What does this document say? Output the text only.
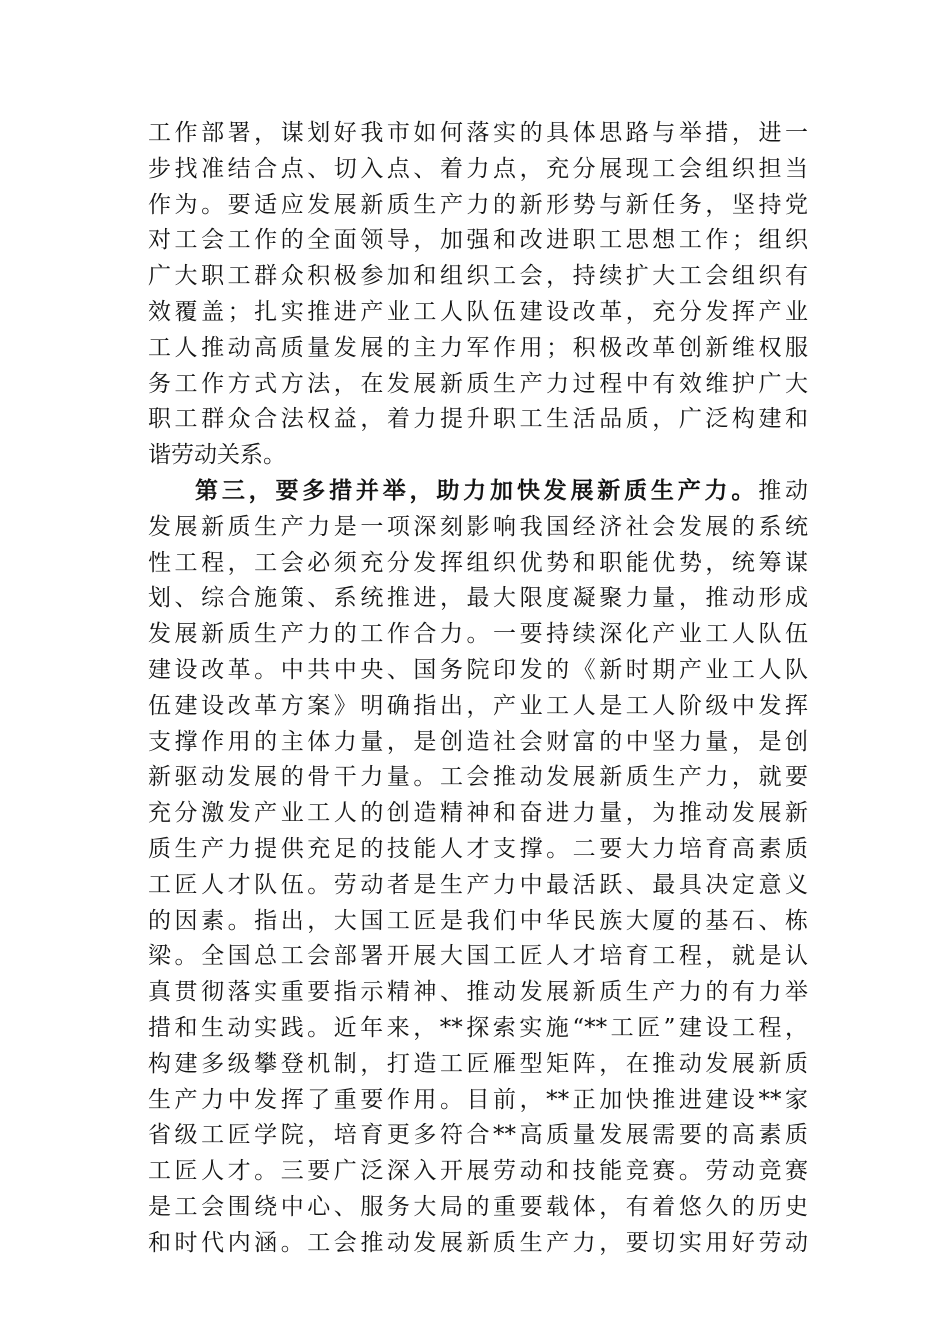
工作部署，谋划好我市如何落实的具体思路与举措，进一
步找准结合点、切入点、着力点，充分展现工会组织担当
作为。要适应发展新质生产力的新形势与新任务，坚持党
对工会工作的全面领导，加强和改进职工思想工作；组织
广大职工群众积极参加和组织工会，持续扩大工会组织有
效覆盖；扎实推进产业工人队伍建设改革，充分发挥产业
工人推动高质量发展的主力军作用；积极改革创新维权服
务工作方式方法，在发展新质生产力过程中有效维护广大
职工群众合法权益，着力提升职工生活品质，广泛构建和
谐劳动关系。
第三，要多措并举，助力加快发展新质生产力。推动
发展新质生产力是一项深刻影响我国经济社会发展的系统
性工程，工会必须充分发挥组织优势和职能优势，统筹谋
划、综合施策、系统推进，最大限度凝聚力量，推动形成
发展新质生产力的工作合力。一要持续深化产业工人队伍
建设改革。中共中央、国务院印发的《新时期产业工人队
伍建设改革方案》明确指出，产业工人是工人阶级中发挥
支撑作用的主体力量，是创造社会财富的中坚力量，是创
新驱动发展的骨干力量。工会推动发展新质生产力，就要
充分激发产业工人的创造精神和奋进力量，为推动发展新
质生产力提供充足的技能人才支撑。二要大力培育高素质
工匠人才队伍。劳动者是生产力中最活跃、最具决定意义
的因素。指出，大国工匠是我们中华民族大厦的基石、栋
梁。全国总工会部署开展大国工匠人才培育工程，就是认
真贯彻落实重要指示精神、推动发展新质生产力的有力举
措和生动实践。近年来，**探索实施“**工匠”建设工程，
构建多级攀登机制，打造工匠雁型矩阵，在推动发展新质
生产力中发挥了重要作用。目前，**正加快推进建设**家
省级工匠学院，培育更多符合**高质量发展需要的高素质
工匠人才。三要广泛深入开展劳动和技能竞赛。劳动竞赛
是工会围绕中心、服务大局的重要载体，有着悠久的历史
和时代内涵。工会推动发展新质生产力，要切实用好劳动
